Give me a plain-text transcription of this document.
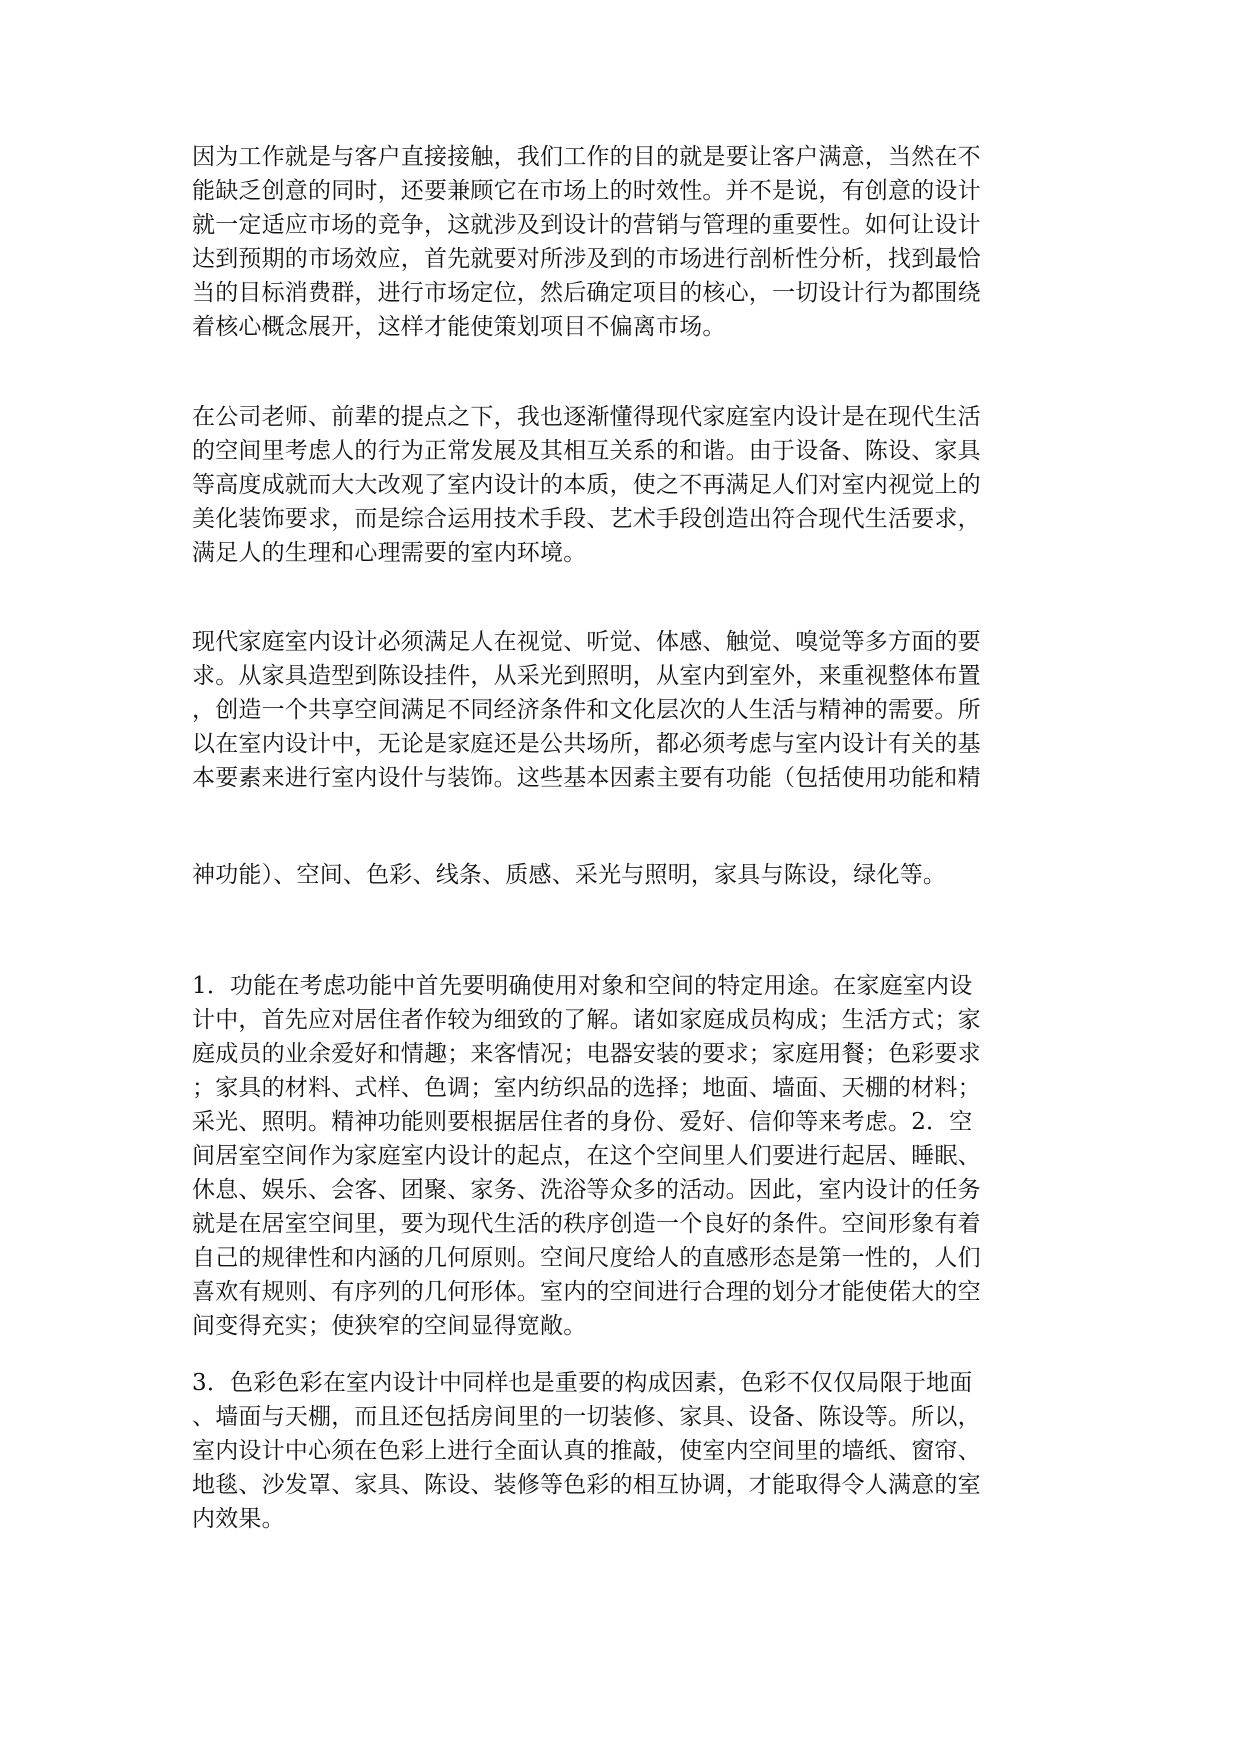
因为工作就是与客户直接接触，我们工作的目的就是要让客户满意，当然在不
能缺乏创意的同时，还要兼顾它在市场上的时效性。并不是说，有创意的设计
就一定适应市场的竞争，这就涉及到设计的营销与管理的重要性。如何让设计
达到预期的市场效应，首先就要对所涉及到的市场进行剖析性分析，找到最恰
当的目标消费群，进行市场定位，然后确定项目的核心，一切设计行为都围绕
着核心概念展开，这样才能使策划项目不偏离市场。
在公司老师、前辈的提点之下，我也逐渐懂得现代家庭室内设计是在现代生活
的空间里考虑人的行为正常发展及其相互关系的和谐。由于设备、陈设、家具
等高度成就而大大改观了室内设计的本质，使之不再满足人们对室内视觉上的
美化装饰要求，而是综合运用技术手段、艺术手段创造出符合现代生活要求，
满足人的生理和心理需要的室内环境。
现代家庭室内设计必须满足人在视觉、听觉、体感、触觉、嗅觉等多方面的要
求。从家具造型到陈设挂件，从采光到照明，从室内到室外，来重视整体布置
，创造一个共享空间满足不同经济条件和文化层次的人生活与精神的需要。所
以在室内设计中，无论是家庭还是公共场所，都必须考虑与室内设计有关的基
本要素来进行室内设什与装饰。这些基本因素主要有功能（包括使用功能和精
神功能）、空间、色彩、线条、质感、采光与照明，家具与陈设，绿化等。
1．功能在考虑功能中首先要明确使用对象和空间的特定用途。在家庭室内设
计中，首先应对居住者作较为细致的了解。诸如家庭成员构成；生活方式；家
庭成员的业余爱好和情趣；来客情况；电器安装的要求；家庭用餐；色彩要求
；家具的材料、式样、色调；室内纺织品的选择；地面、墙面、天棚的材料；
采光、照明。精神功能则要根据居住者的身份、爱好、信仰等来考虑。2．空
间居室空间作为家庭室内设计的起点，在这个空间里人们要进行起居、睡眠、
休息、娱乐、会客、团聚、家务、洗浴等众多的活动。因此，室内设计的任务
就是在居室空间里，要为现代生活的秩序创造一个良好的条件。空间形象有着
自己的规律性和内涵的几何原则。空间尺度给人的直感形态是第一性的，人们
喜欢有规则、有序列的几何形体。室内的空间进行合理的划分才能使偌大的空
间变得充实；使狭窄的空间显得宽敞。
3．色彩色彩在室内设计中同样也是重要的构成因素，色彩不仅仅局限于地面
、墙面与天棚，而且还包括房间里的一切装修、家具、设备、陈设等。所以，
室内设计中心须在色彩上进行全面认真的推敲，使室内空间里的墙纸、窗帘、
地毯、沙发罩、家具、陈设、装修等色彩的相互协调，才能取得令人满意的室
内效果。
